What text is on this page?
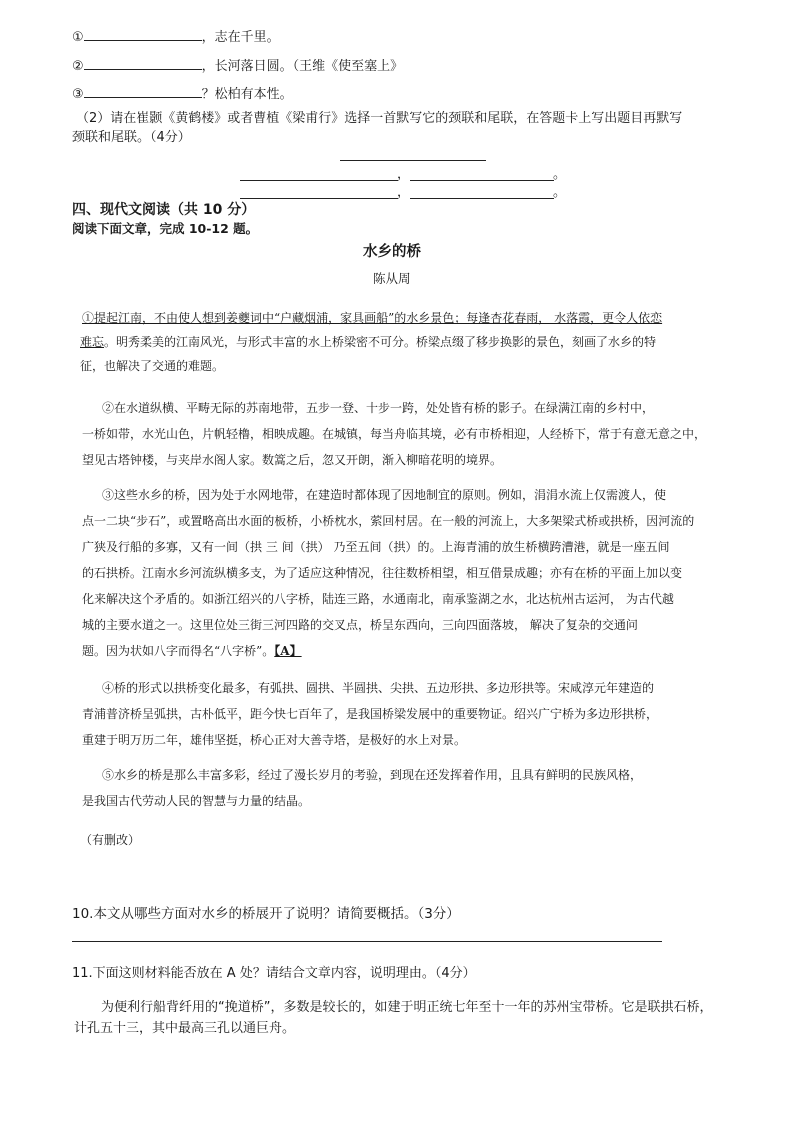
①	，志在千里。
②	，长河落日圆。（王维《使至塞上》
③	？松柏有本性。
（2）请在崔颢《黄鹤楼》或者曹植《梁甫行》选择一首默写它的颈联和尾联，在答题卡上写出题目再默写
颈联和尾联。（4分）
，	。
，	。
四、现代文阅读（共 10 分）
阅读下面文章，完成 10-12 题。
水乡的桥
陈从周
①提起江南，不由使人想到姜夔词中“户藏烟浦，家具画船”的水乡景色；每逢杏花春雨， 水落霞，更令人依恋
难忘。明秀柔美的江南风光，与形式丰富的水上桥梁密不可分。桥梁点缀了移步换影的景色，刻画了水乡的特
征，也解决了交通的难题。
②在水道纵横、平畴无际的苏南地带，五步一登、十步一跨，处处皆有桥的影子。在绿满江南的乡村中，
一桥如带，水光山色，片帆轻橹，相映成趣。在城镇，每当舟临其境，必有市桥相迎，人经桥下，常于有意无意之中，
望见古塔钟楼，与夹岸水阁人家。数篙之后，忽又开朗，渐入柳暗花明的境界。
③这些水乡的桥，因为处于水网地带，在建造时都体现了因地制宜的原则。例如，涓涓水流上仅需渡人，使
点一二块“步石”，或置略高出水面的板桥，小桥枕水，萦回村居。在一般的河流上，大多架梁式桥或拱桥，因河流的
广狭及行船的多寡，又有一间（拱 三 间（拱） 乃至五间（拱）的。上海青浦的放生桥横跨漕港，就是一座五间
的石拱桥。江南水乡河流纵横多支，为了适应这种情况，往往数桥相望，相互借景成趣；亦有在桥的平面上加以变
化来解决这个矛盾的。如浙江绍兴的八字桥，陆连三路，水通南北，南承鉴湖之水，北达杭州古运河， 为古代越
城的主要水道之一。这里位处三街三河四路的交叉点，桥呈东西向，三向四面落坡， 解决了复杂的交通问
题。因为状如八字而得名“八字桥”。【A】
④桥的形式以拱桥变化最多，有弧拱、圆拱、半圆拱、尖拱、五边形拱、多边形拱等。宋咸淳元年建造的
青浦普济桥呈弧拱，古朴低平，距今快七百年了，是我国桥梁发展中的重要物证。绍兴广宁桥为多边形拱桥，
重建于明万历二年，雄伟坚挺，桥心正对大善寺塔，是极好的水上对景。
⑤水乡的桥是那么丰富多彩，经过了漫长岁月的考验，到现在还发挥着作用，且具有鲜明的民族风格，
是我国古代劳动人民的智慧与力量的结晶。
（有删改）
10.本文从哪些方面对水乡的桥展开了说明？请简要概括。（3分）
11.下面这则材料能否放在 A 处？请结合文章内容，说明理由。（4分）
为便利行船背纤用的“挽道桥”，多数是较长的，如建于明正统七年至十一年的苏州宝带桥。它是联拱石桥，
计孔五十三，其中最高三孔以通巨舟。
